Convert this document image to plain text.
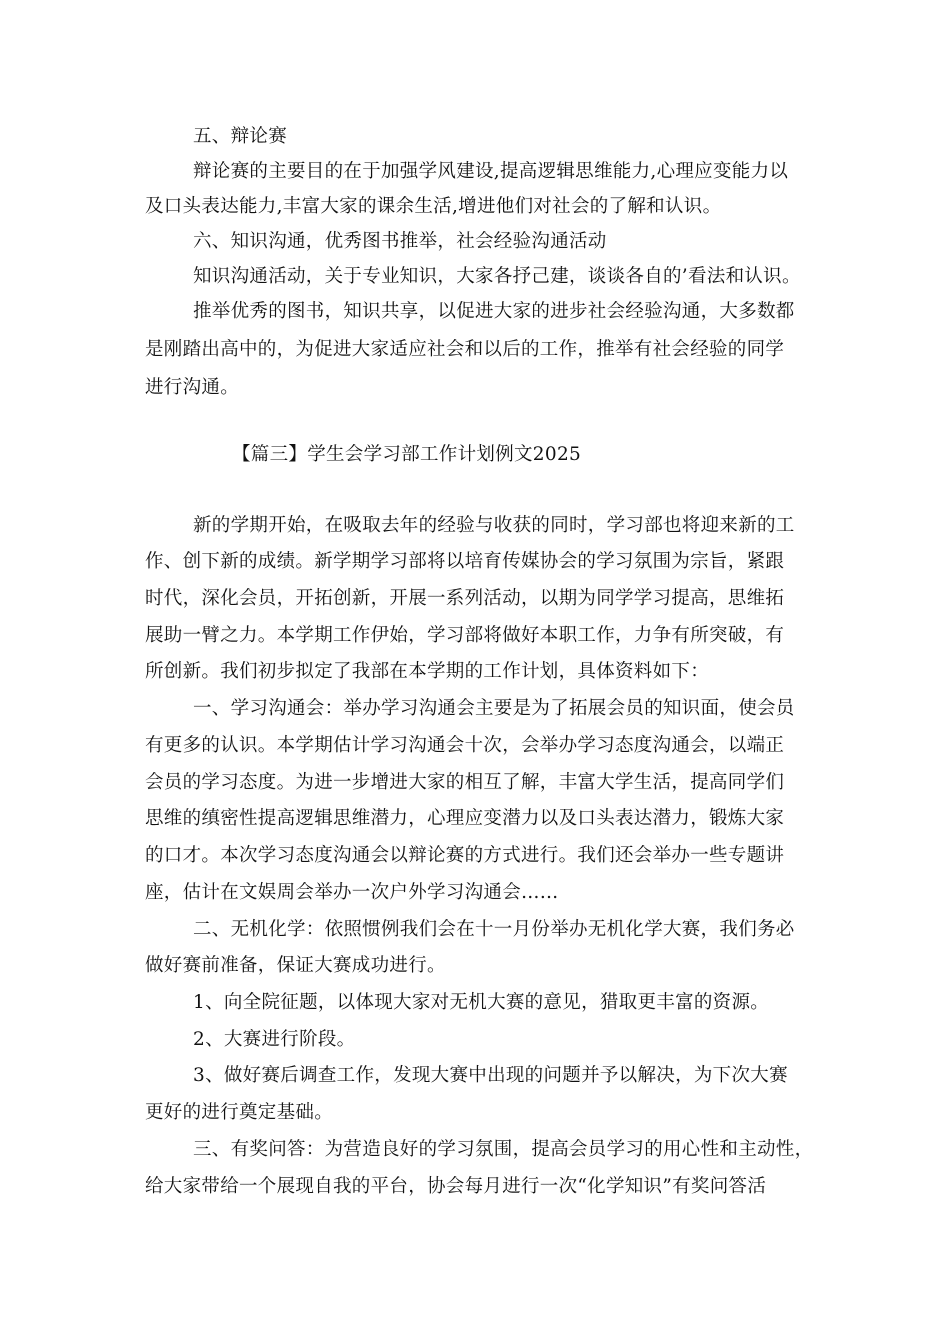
五、辩论赛
辩论赛的主要目的在于加强学风建设,提高逻辑思维能力,心理应变能力以
及口头表达能力,丰富大家的课余生活,增进他们对社会的了解和认识。
六、知识沟通，优秀图书推举，社会经验沟通活动
知识沟通活动，关于专业知识，大家各抒己建，谈谈各自的’看法和认识。
推举优秀的图书，知识共享，以促进大家的进步社会经验沟通，大多数都
是刚踏出高中的，为促进大家适应社会和以后的工作，推举有社会经验的同学
进行沟通。
【篇三】学生会学习部工作计划例文2025
新的学期开始，在吸取去年的经验与收获的同时，学习部也将迎来新的工
作、创下新的成绩。新学期学习部将以培育传媒协会的学习氛围为宗旨，紧跟
时代，深化会员，开拓创新，开展一系列活动，以期为同学学习提高，思维拓
展助一臂之力。本学期工作伊始，学习部将做好本职工作，力争有所突破，有
所创新。我们初步拟定了我部在本学期的工作计划，具体资料如下：
一、学习沟通会：举办学习沟通会主要是为了拓展会员的知识面，使会员
有更多的认识。本学期估计学习沟通会十次，会举办学习态度沟通会，以端正
会员的学习态度。为进一步增进大家的相互了解，丰富大学生活，提高同学们
思维的缜密性提高逻辑思维潜力，心理应变潜力以及口头表达潜力，锻炼大家
的口才。本次学习态度沟通会以辩论赛的方式进行。我们还会举办一些专题讲
座，估计在文娱周会举办一次户外学习沟通会……
二、无机化学：依照惯例我们会在十一月份举办无机化学大赛，我们务必
做好赛前准备，保证大赛成功进行。
1、向全院征题，以体现大家对无机大赛的意见，猎取更丰富的资源。
2、大赛进行阶段。
3、做好赛后调查工作，发现大赛中出现的问题并予以解决，为下次大赛
更好的进行奠定基础。
三、有奖问答：为营造良好的学习氛围，提高会员学习的用心性和主动性，
给大家带给一个展现自我的平台，协会每月进行一次“化学知识”有奖问答活
